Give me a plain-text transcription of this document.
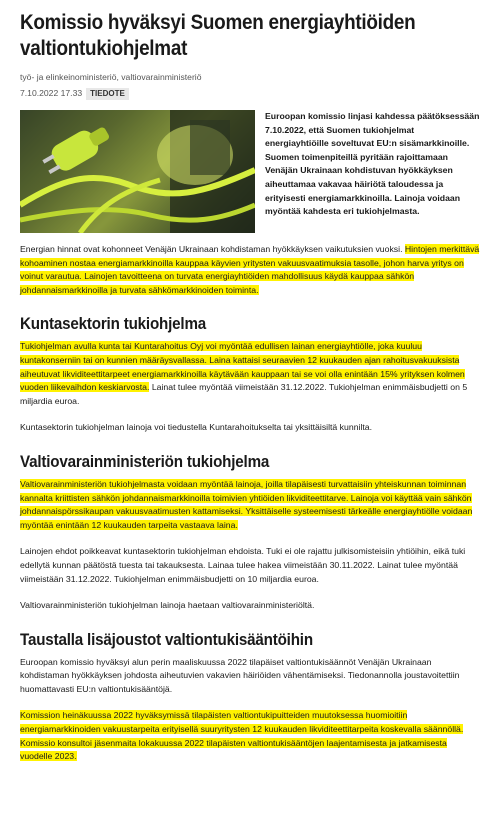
Komissio hyväksyi Suomen energiayhtiöiden valtiontukiohjelmat
työ- ja elinkeinoministeriö, valtiovarainministeriö
7.10.2022 17.33 TIEDOTE
Euroopan komissio linjasi kahdessa päätöksessään 7.10.2022, että Suomen tukiohjelmat energiayhtiöille soveltuvat EU:n sisämarkkinoille. Suomen toimenpiteillä pyritään rajoittamaan Venäjän Ukrainaan kohdistuvan hyökkäyksen aiheuttamaa vakavaa häiriötä taloudessa ja erityisesti energiamarkkinoilla. Lainoja voidaan myöntää kahdesta eri tukiohjelmasta.

Energian hinnat ovat kohonneet Venäjän Ukrainaan kohdistaman hyökkäyksen vaikutuksien vuoksi. Hintojen merkittävä kohoaminen nostaa energiamarkkinoilla kauppaa käyvien yritysten vakuusvaatimuksia tasolle, johon harva yritys on voinut varautua. Lainojen tavoitteena on turvata energiayhtiöiden mahdollisuus käydä kauppaa sähkön johdannaismarkkinoilla ja turvata sähkömarkkinoiden toiminta.

Kuntasektorin tukiohjelma

Tukiohjelman avulla kunta tai Kuntarahoitus Oyj voi myöntää edullisen lainan energiayhtiölle, joka kuuluu kuntakonserniin tai on kunnien määräysvallassa. Laina kattaisi seuraavien 12 kuukauden ajan rahoitusvakuuksista aiheutuvat likviditeettitarpeet energiamarkkinoilla käytävään kauppaan tai se voi olla enintään 15% yrityksen kolmen vuoden liikevaihdon keskiarvosta. Lainat tulee myöntää viimeistään 31.12.2022. Tukiohjelman enimmäisbudjetti on 5 miljardia euroa.

Kuntasektorin tukiohjelman lainoja voi tiedustella Kuntarahoitukselta tai yksittäisiltä kunnilta.

Valtiovarainministeriön tukiohjelma

Valtiovarainministeriön tukiohjelmasta voidaan myöntää lainoja, joilla tilapäisesti turvattaisiin yhteiskunnan toiminnan kannalta kriittisten sähkön johdannaismarkkinoilla toimivien yhtiöiden likviditeettitarve. Lainoja voi käyttää vain sähkön johdannaispörssikaupan vakuusvaatimusten kattamiseksi. Yksittäiselle systeemisesti tärkeälle energiayhtiölle voidaan myöntää enintään 12 kuukauden tarpeita vastaava laina.

Lainojen ehdot poikkeavat kuntasektorin tukiohjelman ehdoista. Tuki ei ole rajattu julkisomisteisiin yhtiöihin, eikä tuki edellytä kunnan päätöstä tuesta tai takauksesta. Lainaa tulee hakea viimeistään 30.11.2022. Lainat tulee myöntää viimeistään 31.12.2022. Tukiohjelman enimmäisbudjetti on 10 miljardia euroa.

Valtiovarainministeriön tukiohjelman lainoja haetaan valtiovarainministeriöltä.

Taustalla lisäjoustot valtiontukisääntöihin

Euroopan komissio hyväksyi alun perin maaliskuussa 2022 tilapäiset valtiontukisäännöt Venäjän Ukrainaan kohdistaman hyökkäyksen johdosta aiheutuvien vakavien häiriöiden vähentämiseksi. Tiedonannolla joustavoitettiin huomattavasti EU:n valtiontukisääntöjä.

Komission heinäkuussa 2022 hyväksymissä tilapäisten valtiontukipuitteiden muutoksessa huomioitiin energiamarkkinoiden vakuustarpeita erityisellä suuryritysten 12 kuukauden likviditeettitarpeita koskevalla säännöllä. Komissio konsultoi jäsenmaita lokakuussa 2022 tilapäisten valtiontukisääntöjen laajentamisesta ja jatkamisesta vuodelle 2023.
